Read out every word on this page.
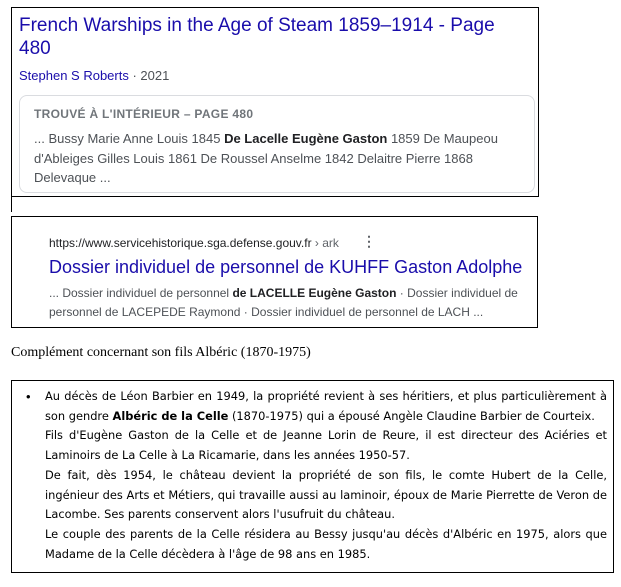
French Warships in the Age of Steam 1859–1914 - Page 480
Stephen S Roberts · 2021
TROUVÉ À L'INTÉRIEUR – PAGE 480
... Bussy Marie Anne Louis 1845 De Lacelle Eugène Gaston 1859 De Maupeou d'Ableiges Gilles Louis 1861 De Roussel Anselme 1842 Delaitre Pierre 1868 Delevaque ...
https://www.servicehistorique.sga.defense.gouv.fr › ark ⋮
Dossier individuel de personnel de KUHFF Gaston Adolphe
... Dossier individuel de personnel de LACELLE Eugène Gaston · Dossier individuel de personnel de LACEPEDE Raymond · Dossier individuel de personnel de LACH ...
Complément concernant son fils Albéric (1870-1975)
• Au décès de Léon Barbier en 1949, la propriété revient à ses héritiers, et plus particulièrement à son gendre Albéric de la Celle (1870-1975) qui a épousé Angèle Claudine Barbier de Courteix.

Fils d'Eugène Gaston de la Celle et de Jeanne Lorin de Reure, il est directeur des Aciéries et Laminoirs de La Celle à La Ricamarie, dans les années 1950-57.

De fait, dès 1954, le château devient la propriété de son fils, le comte Hubert de la Celle, ingénieur des Arts et Métiers, qui travaille aussi au laminoir, époux de Marie Pierrette de Veron de Lacombe. Ses parents conservent alors l'usufruit du château.

Le couple des parents de la Celle résidera au Bessy jusqu'au décès d'Albéric en 1975, alors que Madame de la Celle décèdera à l'âge de 98 ans en 1985.
